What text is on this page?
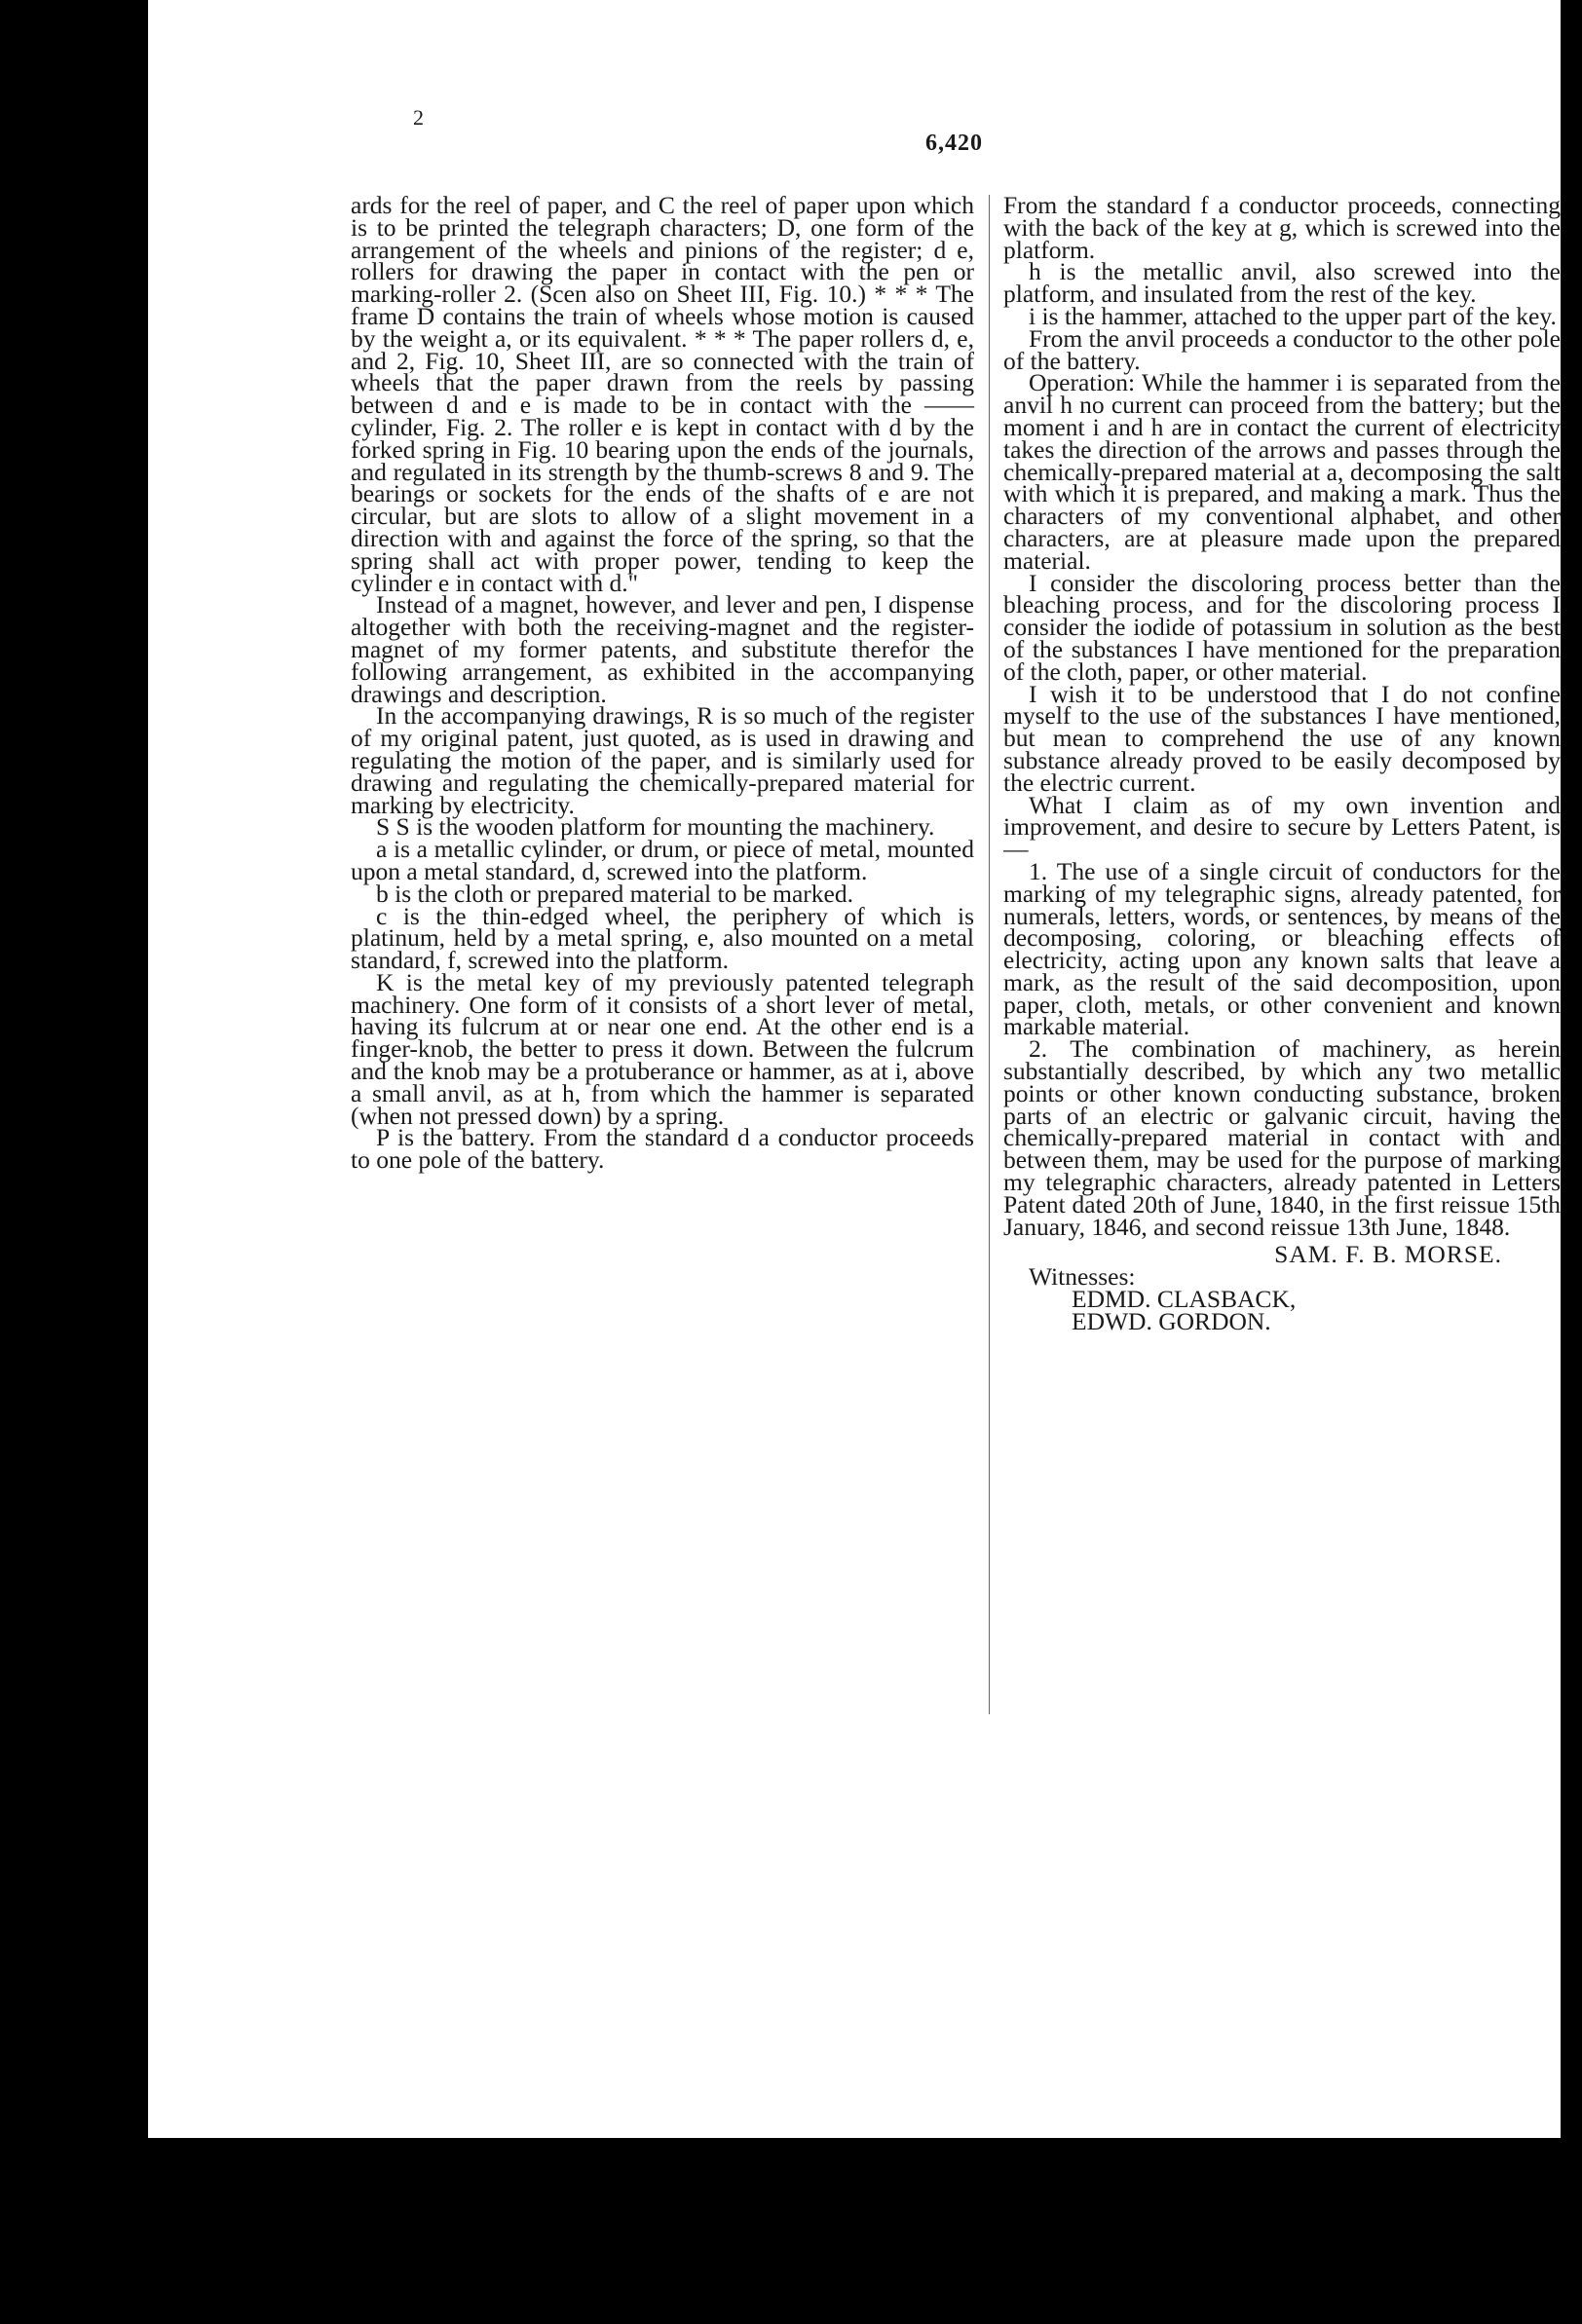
2
6,420

ards for the reel of paper, and C the reel of paper upon which is to be printed the telegraph characters; D, one form of the arrangement of the wheels and pinions of the register; d e, rollers for drawing the paper in contact with the pen or marking-roller 2. (Scen also on Sheet III, Fig. 10.) * * * The frame D contains the train of wheels whose motion is caused by the weight a, or its equivalent. * * * The paper rollers d, e, and 2, Fig. 10, Sheet III, are so connected with the train of wheels that the paper drawn from the reels by passing between d and e is made to be in contact with the —— cylinder, Fig. 2. The roller e is kept in contact with d by the forked spring in Fig. 10 bearing upon the ends of the journals, and regulated in its strength by the thumb-screws 8 and 9. The bearings or sockets for the ends of the shafts of e are not circular, but are slots to allow of a slight movement in a direction with and against the force of the spring, so that the spring shall act with proper power, tending to keep the cylinder e in contact with d."

Instead of a magnet, however, and lever and pen, I dispense altogether with both the receiving-magnet and the register-magnet of my former patents, and substitute therefor the following arrangement, as exhibited in the accompanying drawings and description.

In the accompanying drawings, R is so much of the register of my original patent, just quoted, as is used in drawing and regulating the motion of the paper, and is similarly used for drawing and regulating the chemically-prepared material for marking by electricity.

S S is the wooden platform for mounting the machinery.

a is a metallic cylinder, or drum, or piece of metal, mounted upon a metal standard, d, screwed into the platform.

b is the cloth or prepared material to be marked.

c is the thin-edged wheel, the periphery of which is platinum, held by a metal spring, e, also mounted on a metal standard, f, screwed into the platform.

K is the metal key of my previously patented telegraph machinery. One form of it consists of a short lever of metal, having its fulcrum at or near one end. At the other end is a finger-knob, the better to press it down. Between the fulcrum and the knob may be a protuberance or hammer, as at i, above a small anvil, as at h, from which the hammer is separated (when not pressed down) by a spring.

P is the battery. From the standard d a conductor proceeds to one pole of the battery.

From the standard f a conductor proceeds, connecting with the back of the key at g, which is screwed into the platform.

h is the metallic anvil, also screwed into the platform, and insulated from the rest of the key.

i is the hammer, attached to the upper part of the key.

From the anvil proceeds a conductor to the other pole of the battery.

Operation: While the hammer i is separated from the anvil h no current can proceed from the battery; but the moment i and h are in contact the current of electricity takes the direction of the arrows and passes through the chemically-prepared material at a, decomposing the salt with which it is prepared, and making a mark. Thus the characters of my conventional alphabet, and other characters, are at pleasure made upon the prepared material.

I consider the discoloring process better than the bleaching process, and for the discoloring process I consider the iodide of potassium in solution as the best of the substances I have mentioned for the preparation of the cloth, paper, or other material.

I wish it to be understood that I do not confine myself to the use of the substances I have mentioned, but mean to comprehend the use of any known substance already proved to be easily decomposed by the electric current.

What I claim as of my own invention and improvement, and desire to secure by Letters Patent, is—

1. The use of a single circuit of conductors for the marking of my telegraphic signs, already patented, for numerals, letters, words, or sentences, by means of the decomposing, coloring, or bleaching effects of electricity, acting upon any known salts that leave a mark, as the result of the said decomposition, upon paper, cloth, metals, or other convenient and known markable material.

2. The combination of machinery, as herein substantially described, by which any two metallic points or other known conducting substance, broken parts of an electric or galvanic circuit, having the chemically-prepared material in contact with and between them, may be used for the purpose of marking my telegraphic characters, already patented in Letters Patent dated 20th of June, 1840, in the first reissue 15th January, 1846, and second reissue 13th June, 1848.

SAM. F. B. MORSE.
Witnesses:
EDMD. CLASBACK,
EDWD. GORDON.
